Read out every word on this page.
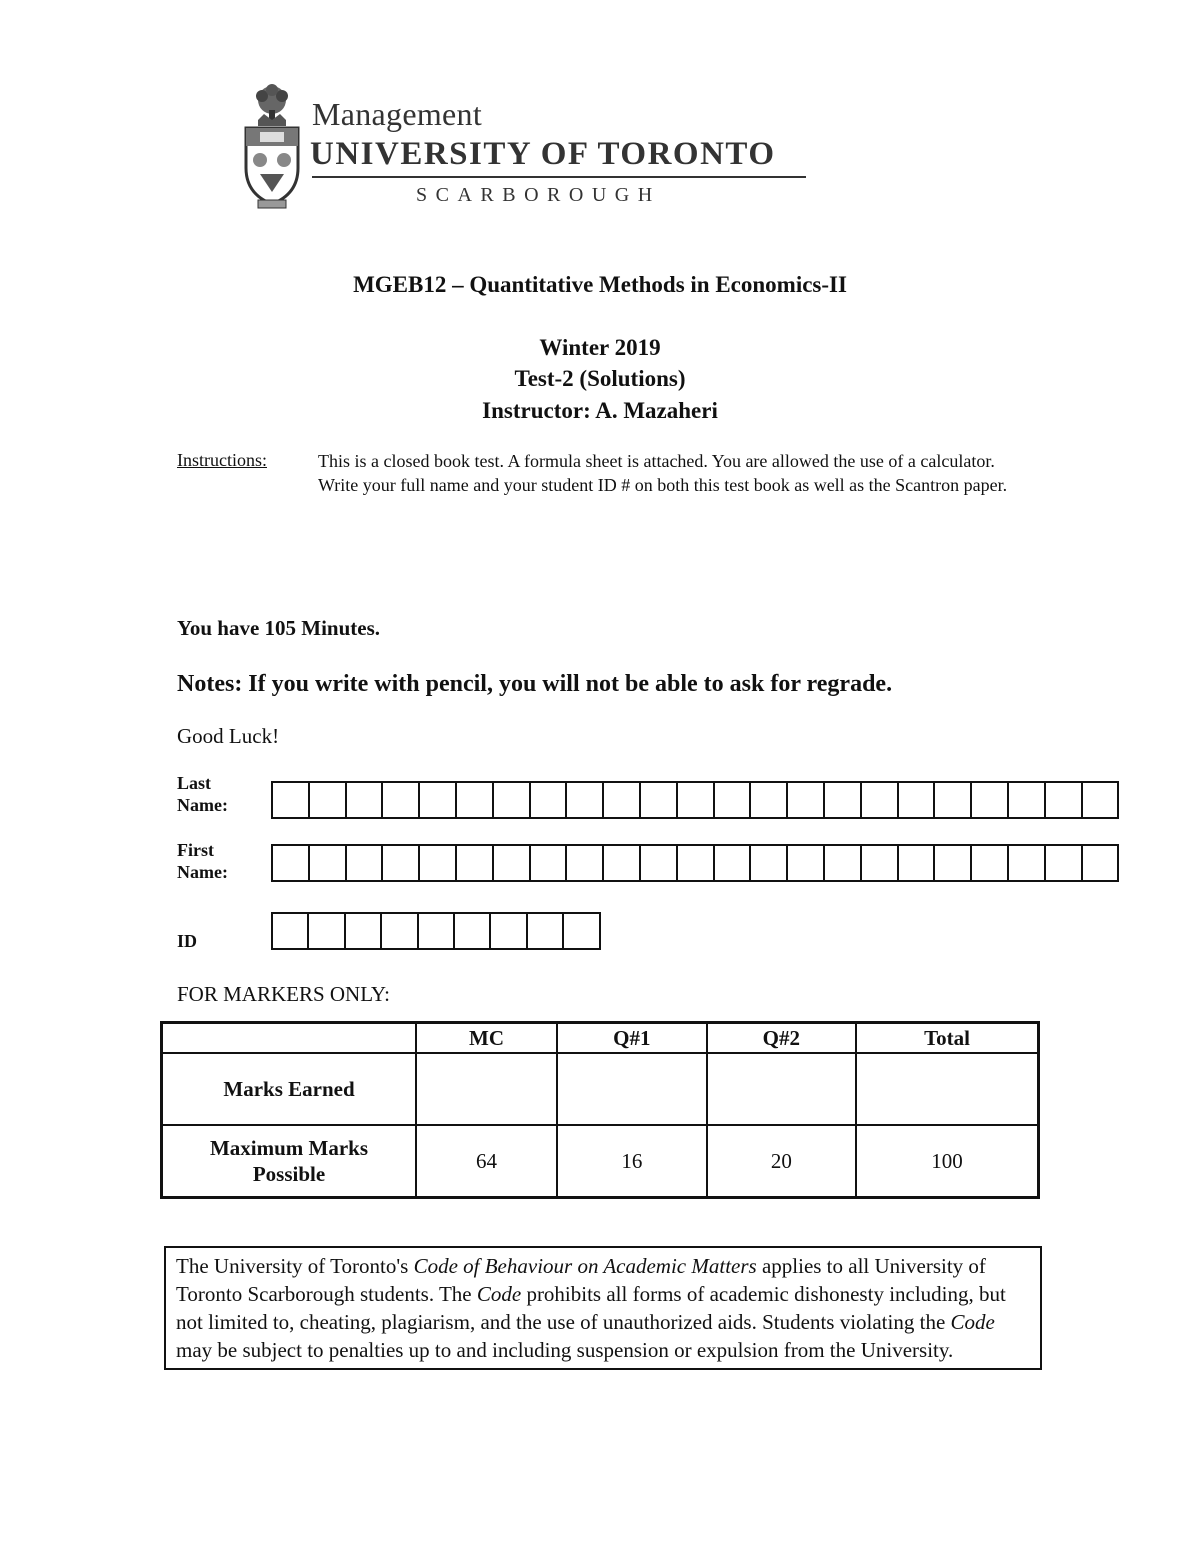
Management
UNIVERSITY OF TORONTO
SCARBOROUGH
MGEB12 – Quantitative Methods in Economics-II
Winter 2019
Test-2 (Solutions)
Instructor: A. Mazaheri
Instructions:	This is a closed book test. A formula sheet is attached. You are allowed the use of a calculator.
Write your full name and your student ID # on both this test book as well as the Scantron paper.
You have 105 Minutes.
Notes: If you write with pencil, you will not be able to ask for regrade.
Good Luck!
Last
Name:
First
Name:
ID
FOR MARKERS ONLY:
	MC	Q#1	Q#2	Total
Marks Earned				

Maximum Marks
Possible	64	16	20	100
The University of Toronto's Code of Behaviour on Academic Matters applies to all University of Toronto Scarborough students. The Code prohibits all forms of academic dishonesty including, but not limited to, cheating, plagiarism, and the use of unauthorized aids. Students violating the Code may be subject to penalties up to and including suspension or expulsion from the University.
